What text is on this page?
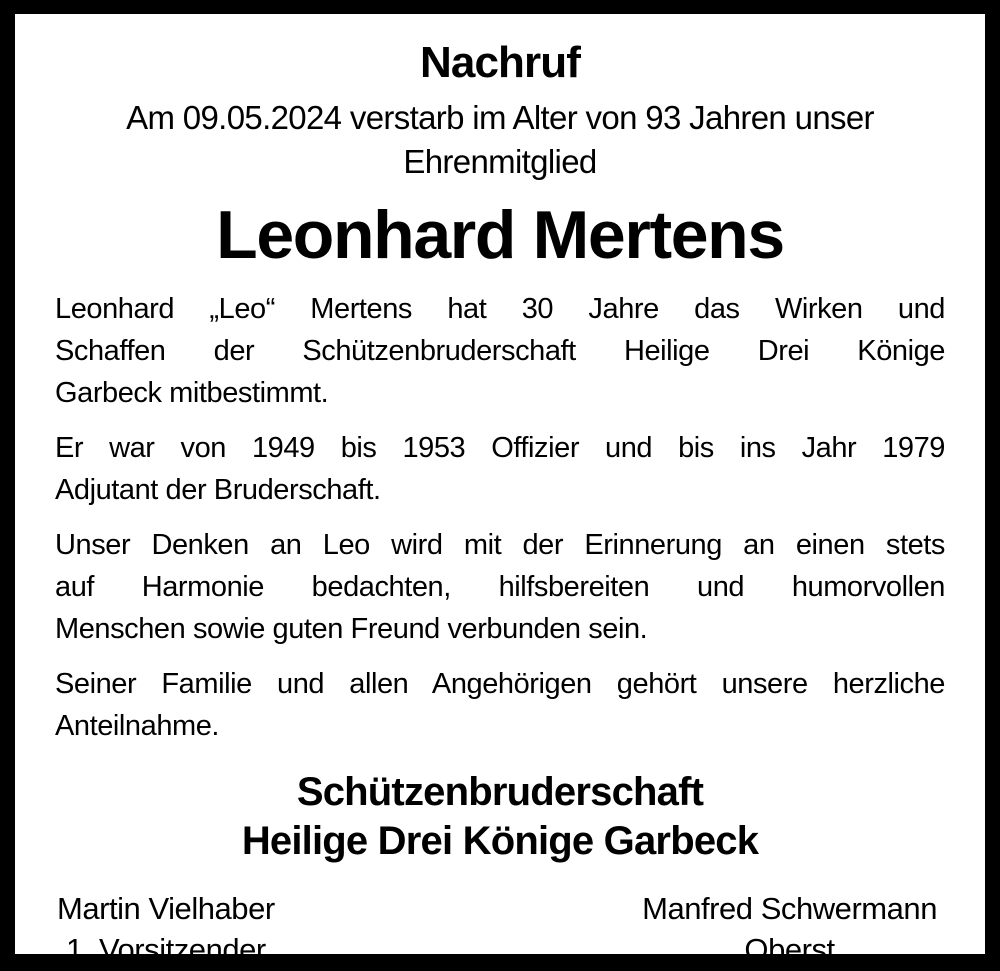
Nachruf
Am 09.05.2024 verstarb im Alter von 93 Jahren unser
Ehrenmitglied
Leonhard Mertens
Leonhard „Leo“ Mertens hat 30 Jahre das Wirken und
Schaffen der Schützenbruderschaft Heilige Drei Könige
Garbeck mitbestimmt.
Er war von 1949 bis 1953 Offizier und bis ins Jahr 1979
Adjutant der Bruderschaft.
Unser Denken an Leo wird mit der Erinnerung an einen stets
auf Harmonie bedachten, hilfsbereiten und humorvollen
Menschen sowie guten Freund verbunden sein.
Seiner Familie und allen Angehörigen gehört unsere herzliche
Anteilnahme.
Schützenbruderschaft
Heilige Drei Könige Garbeck
Martin Vielhaber
1. Vorsitzender
Manfred Schwermann
Oberst
